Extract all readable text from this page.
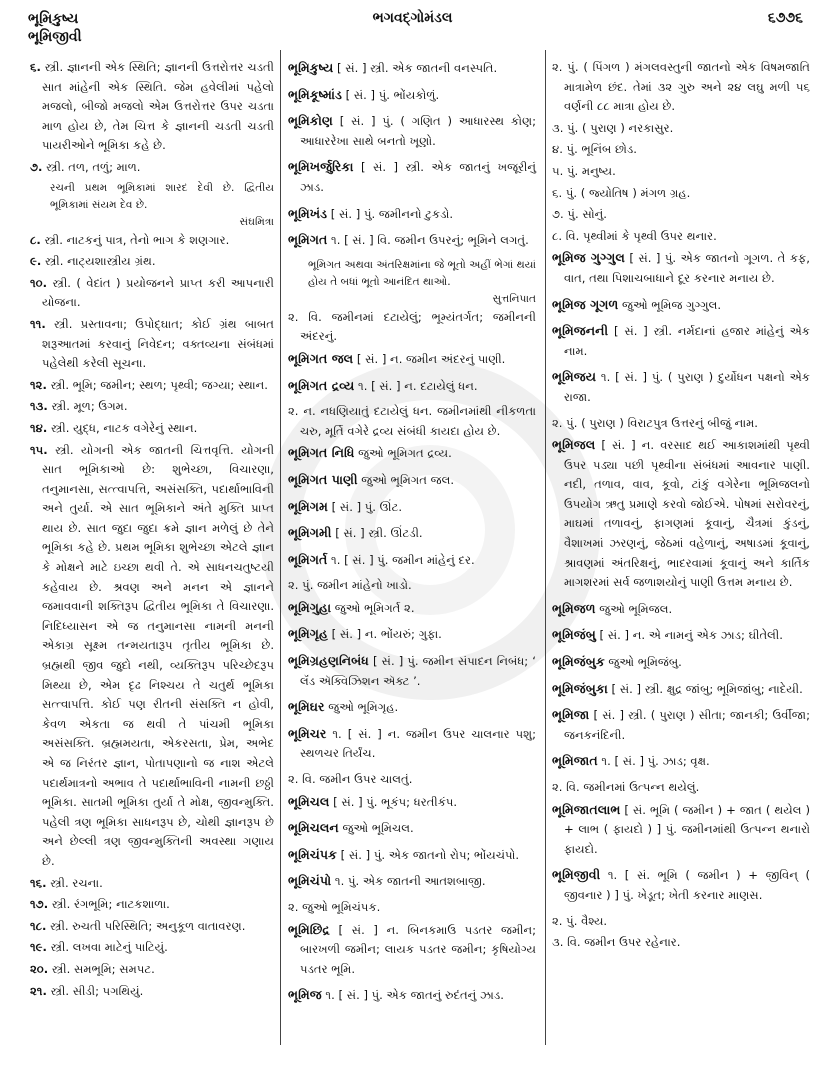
ભૂમિકુષ્ય
ભૂમિજીવી
ભગવદ્ગોમંડલ	૬૭૭૬
૬. સ્ત્રી. જ્ઞાનની એક સ્થિતિ; જ્ઞાનની ઉત્તરોત્તર ચડતી સાત માંહેની એક સ્થિતિ. જેમ હવેલીમાં પહેલો મજલો, બીજો મજલો એમ ઉત્તરોત્તર ઉપર ચડતા માળ હોય છે, તેમ ચિત્ત કે જ્ઞાનની ચડતી ચડતી પાયરીઓને ભૂમિકા કહે છે.
૭. સ્ત્રી. તળ, તળું; માળ.
રચની પ્રથમ ભૂમિકામાં શારદ દેવી છે. દ્વિતીય ભૂમિકામાં સંયમ દેવ છે.
સંઘમિત્રા
૮. સ્ત્રી. નાટકનું પાત્ર, તેનો ભાગ કે શણગાર.
૯. સ્ત્રી. નાટ્યશાસ્ત્રીય ગ્રંથ.
૧૦. સ્ત્રી. ( વેદાંત ) પ્રયોજનને પ્રાપ્ત કરી આપનારી યોજના.
૧૧. સ્ત્રી. પ્રસ્તાવના; ઉપોદ્ઘાત; કોઈ ગ્રંથ બાબત શરૂઆતમાં કરવાનું નિવેદન; વક્તવ્યના સંબંધમાં પહેલેથી કરેલી સૂચના.
૧૨. સ્ત્રી. ભૂમિ; જમીન; સ્થળ; પૃથ્વી; જગ્યા; સ્થાન.
૧૩. સ્ત્રી. મૂળ; ઉગમ.
૧૪. સ્ત્રી. યુદ્ધ, નાટક વગેરેનું સ્થાન.
૧૫. સ્ત્રી. યોગની એક જાતની ચિત્તવૃત્તિ. યોગની સાત ભૂમિકાઓ છે: શુભેચ્છા, વિચારણા, તનુમાનસા, સત્ત્વાપત્તિ, અસંસક્તિ, પદાર્થાભાવિની અને તુર્યા. એ સાત ભૂમિકાને અંતે મુક્તિ પ્રાપ્ત થાય છે. સાત જુદા જુદા ક્રમે જ્ઞાન મળેલું છે તેને ભૂમિકા કહે છે. પ્રથમ ભૂમિકા શુભેચ્છા એટલે જ્ઞાન કે મોક્ષને માટે ઇચ્છા થવી તે. એ સાધનચતુષ્ટયી કહેવાય છે. શ્રવણ અને મનન એ જ્ઞાનને જમાવવાની શક્તિરૂપ દ્વિતીય ભૂમિકા તે વિચારણા. નિદિધ્યાસન એ જ તનુમાનસા નામની મનની એકાગ્ર સૂક્ષ્મ તન્મયતારૂપ તૃતીય ભૂમિકા છે. બ્રહ્મથી જીવ જુદો નથી, વ્યક્તિરૂપ પરિચ્છેદરૂપ મિથ્યા છે, એમ દૃઢ નિશ્ચય તે ચતુર્થ ભૂમિકા સત્ત્વાપત્તિ. કોઈ પણ રીતની સંસક્તિ ન હોવી, કેવળ એકતા જ થવી તે પાંચમી ભૂમિકા અસંસક્તિ. બ્રહ્મમયતા, એકરસતા, પ્રેમ, અભેદ એ જ નિરંતર જ્ઞાન, પોતાપણાનો જ નાશ એટલે પદાર્થમાત્રનો અભાવ તે પદાર્થાભાવિની નામની છઠ્ઠી ભૂમિકા. સાતમી ભૂમિકા તુર્યા તે મોક્ષ, જીવન્મુક્તિ. પહેલી ત્રણ ભૂમિકા સાધનરૂપ છે, ચોથી જ્ઞાનરૂપ છે અને છેલ્લી ત્રણ જીવન્મુક્તિની અવસ્થા ગણાય છે.
૧૬. સ્ત્રી. રચના.
૧૭. સ્ત્રી. રંગભૂમિ; નાટકશાળા.
૧૮. સ્ત્રી. રુચતી પરિસ્થિતિ; અનુકૂળ વાતાવરણ.
૧૯. સ્ત્રી. લખવા માટેનું પાટિયું.
૨૦. સ્ત્રી. સમભૂમિ; સમપટ.
૨૧. સ્ત્રી. સીડી; પગથિયું.
ભૂમિકુષ્ય [ સં. ] સ્ત્રી. એક જાતની વનસ્પતિ.
ભૂમિકૂષ્માંડ [ સં. ] પું. ભોંયકોળું.
ભૂમિકોણ [ સં. ] પું. ( ગણિત ) આધારસ્થ કોણ; આધારરેખા સાથે બનતો ખૂણો.
ભૂમિખર્જુરિકા [ સં. ] સ્ત્રી. એક જાતનું ખજૂરીનું ઝાડ.
ભૂમિખંડ [ સં. ] પું. જમીનનો ટુકડો.
ભૂમિગત ૧. [ સં. ] વિ. જમીન ઉપરનું; ભૂમિને લગતું.
ભૂમિગત અથવા અંતરિક્ષમાંના જે ભૂતો અહીં ભેગાં થયાં હોય તે બધાં ભૂતો આનંદિત થાઓ.
સુત્તનિપાત
૨. વિ. જમીનમાં દટાયેલું; ભૂમ્યંતર્ગત; જમીનની અંદરનું.
ભૂમિગત જલ [ સં. ] ન. જમીન અંદરનું પાણી.
ભૂમિગત દ્રવ્ય ૧. [ સં. ] ન. દટાયેલું ધન.
૨. ન. નધણિયાતું દટાયેલું ધન. જમીનમાંથી નીકળતા ચરુ, મૂર્તિ વગેરે દ્રવ્ય સંબંધી કાયદા હોય છે.
ભૂમિગત નિધિ જુઓ ભૂમિગત દ્રવ્ય.
ભૂમિગત પાણી જુઓ ભૂમિગત જલ.
ભૂમિગમ [ સં. ] પું. ઊંટ.
ભૂમિગમી [ સં. ] સ્ત્રી. ઊંટડી.
ભૂમિગર્ત ૧. [ સં. ] પું. જમીન માંહેનું દર.
૨. પું. જમીન માંહેનો ખાડો.
ભૂમિગુહા જુઓ ભૂમિગર્ત ૨.
ભૂમિગૃહ [ સં. ] ન. ભોંયરું; ગુફા.
ભૂમિગ્રહણનિબંધ [ સં. ] પું. જમીન સંપાદન નિબંધ; ‘ લૅંડ ઍક્વિઝિશન ઍક્ટ ’.
ભૂમિઘર જુઓ ભૂમિગૃહ.
ભૂમિચર ૧. [ સં. ] ન. જમીન ઉપર ચાલનાર પશુ; સ્થળચર તિર્યંચ.
૨. વિ. જમીન ઉપર ચાલતું.
ભૂમિચલ [ સં. ] પું. ભૂકંપ; ધરતીકંપ.
ભૂમિચલન જુઓ ભૂમિચલ.
ભૂમિચંપક [ સં. ] પું. એક જાતનો રોપ; ભોંયચંપો.
ભૂમિચંપો ૧. પું. એક જાતની આતશબાજી.
૨. જુઓ ભૂમિચંપક.
ભૂમિછિદ્ર [ સં. ] ન. બિનકમાઉ પડતર જમીન; બારખળી જમીન; લાયક પડતર જમીન; કૃષિયોગ્ય પડતર ભૂમિ.
ભૂમિજ ૧. [ સં. ] પું. એક જાતનું રુદંતનું ઝાડ.
૨. પું. ( પિંગળ ) મંગલવસ્તુની જાતનો એક વિષમજાતિ માત્રામેળ છંદ. તેમાં ૩૨ ગુરુ અને ૨૪ લઘુ મળી ૫૬ વર્ણની ૮૮ માત્રા હોય છે.
૩. પું. ( પુરાણ ) નરકાસુર.
૪. પું. ભૂનિંબ છોડ.
૫. પું. મનુષ્ય.
૬. પું. ( જ્યોતિષ ) મંગળ ગ્રહ.
૭. પું. સોનું.
૮. વિ. પૃથ્વીમાં કે પૃથ્વી ઉપર થનાર.
ભૂમિજ ગુગ્ગુલ [ સં. ] પું. એક જાતનો ગૂગળ. તે કફ, વાત, તથા પિશાચબાધાને દૂર કરનાર મનાય છે.
ભૂમિજ ગૂગળ જુઓ ભૂમિજ ગુગ્ગુલ.
ભૂમિજનની [ સં. ] સ્ત્રી. નર્મદાનાં હજાર માંહેનું એક નામ.
ભૂમિજય ૧. [ સં. ] પું. ( પુરાણ ) દુર્યોધન પક્ષનો એક રાજા.
૨. પું. ( પુરાણ ) વિરાટપુત્ર ઉત્તરનું બીજું નામ.
ભૂમિજલ [ સં. ] ન. વરસાદ થઈ આકાશમાંથી પૃથ્વી ઉપર પડ્યા પછી પૃથ્વીના સંબંધમાં આવનાર પાણી. નદી, તળાવ, વાવ, કૂવો, ટાંકું વગેરેના ભૂમિજલનો ઉપયોગ ઋતુ પ્રમાણે કરવો જોઈએ. પોષમાં સરોવરનું, માઘમાં તળાવનું, ફાગણમાં કૂવાનું, ચૈત્રમાં કુંડનું, વૈશાખમાં ઝરણનું, જેઠમાં વહેળાનું, અષાડમાં કૂવાનું, શ્રાવણમાં અંતરિક્ષનું, ભાદરવામાં કૂવાનું અને કાર્તિક માગશરમાં સર્વ જળાશયોનું પાણી ઉત્તમ મનાય છે.
ભૂમિજળ જુઓ ભૂમિજલ.
ભૂમિજંબુ [ સં. ] ન. એ નામનું એક ઝાડ; ઘીતેલી.
ભૂમિજંબુક જુઓ ભૂમિજંબુ.
ભૂમિજંબુકા [ સં. ] સ્ત્રી. ક્ષુદ્ર જાંબુ; ભૂમિજાંબુ; નાદેયી.
ભૂમિજા [ સં. ] સ્ત્રી. ( પુરાણ ) સીતા; જાનકી; ઉર્વીજા; જનકનંદિની.
ભૂમિજાત ૧. [ સં. ] પું. ઝાડ; વૃક્ષ.
૨. વિ. જમીનમાં ઉત્પન્ન થયેલું.
ભૂમિજાતલાભ [ સં. ભૂમિ ( જમીન ) + જાત ( થયેલ ) + લાભ ( ફાયદો ) ] પું. જમીનમાંથી ઉત્પન્ન થનારો ફાયદો.
ભૂમિજીવી ૧. [ સં. ભૂમિ ( જમીન ) + જીવિન્ ( જીવનાર ) ] પું. ખેડૂત; ખેતી કરનાર માણસ.
૨. પું. વૈશ્ય.
૩. વિ. જમીન ઉપર રહેનાર.
